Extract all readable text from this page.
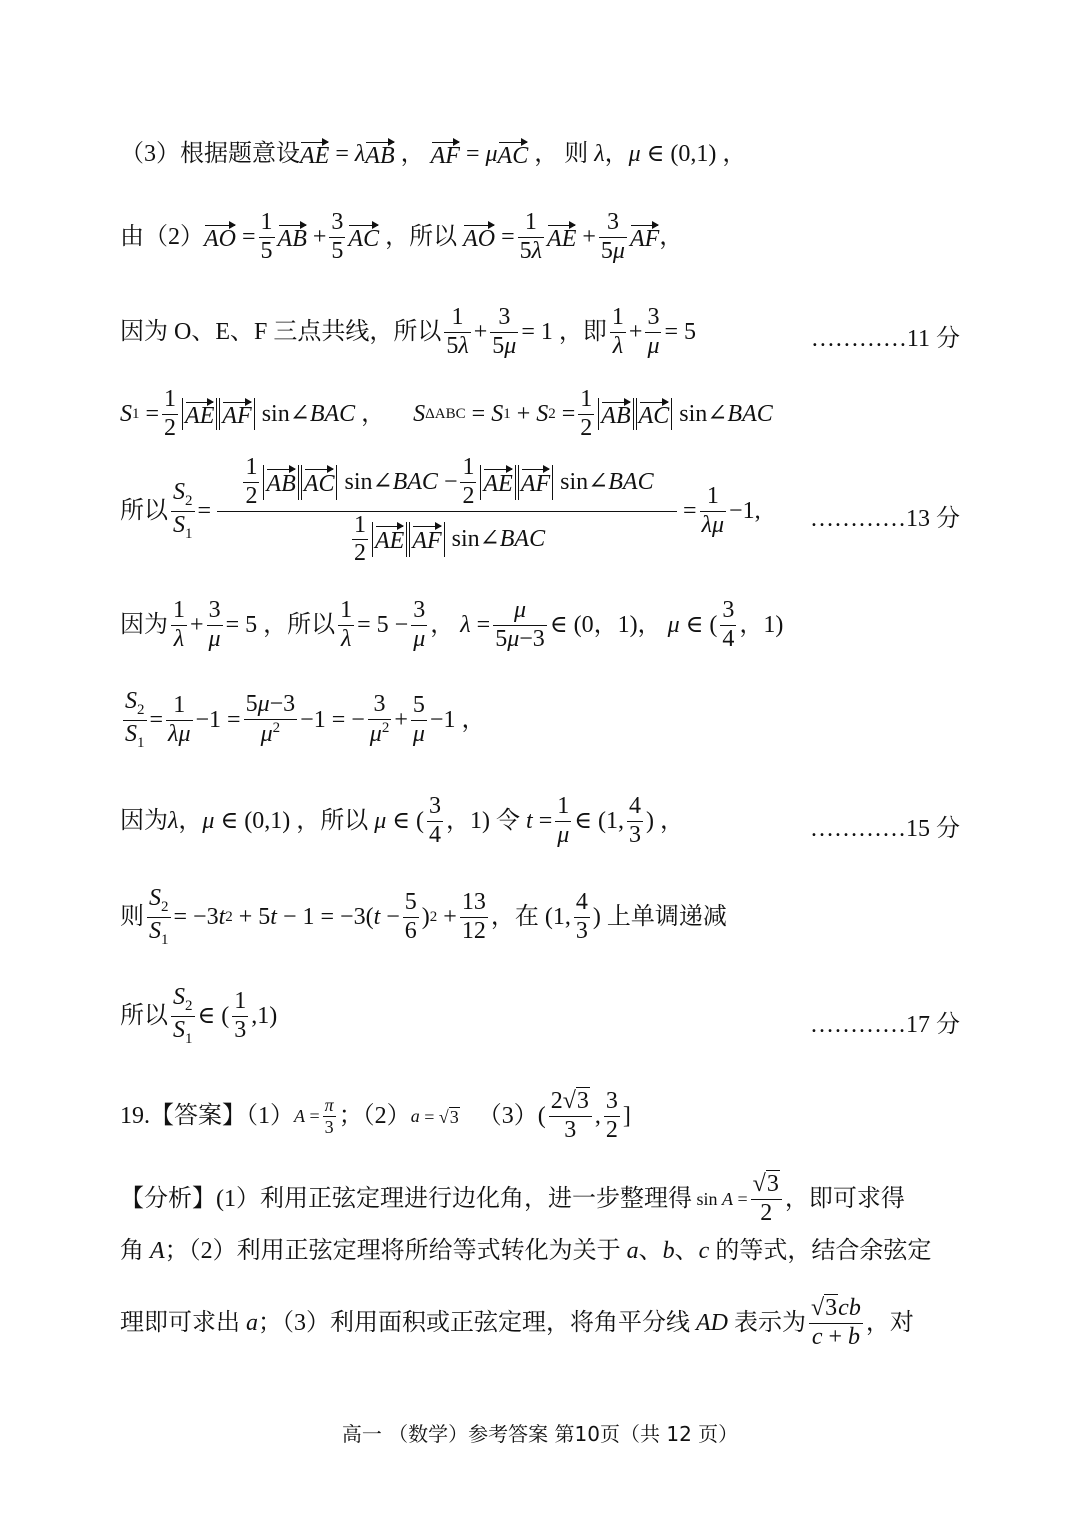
（3）根据题意设 AE = λ AB ， AF = μ AC ， 则 λ ， μ ∈ (0,1) ，
由（2） AO = $\frac{1}{5}$ AB + $\frac{3}{5}$ AC ，所以 AO = $\frac{1}{5\lambda}$ AE + $\frac{3}{5\mu}$ AF ，
因为 O、E、F 三点共线，所以 $\frac{1}{5\lambda} + \frac{3}{5\mu} = 1$ ，即 $\frac{1}{\lambda} + \frac{3}{\mu} = 5$	…………11 分
S $1 = \frac{1}{2}$ AE AF sin∠ BAC ， S ΔABC = S 1 + S $2 = \frac{1}{2}$ AB AC sin∠ BAC
所以 $\frac{S_2}{S_1} = \frac{\frac{1}{2} AB AC \sin\angle BAC - \frac{1}{2} AE AF \sin\angle BAC}{\frac{1}{2} AE AF \sin\angle BAC} = \frac{1}{\lambda\mu} -1$,	…………13 分
因为 $\frac{1}{\lambda} + \frac{3}{\mu} = 5$ ，所以 $\frac{1}{\lambda} = 5 - \frac{3}{\mu}$ ， $\lambda = \frac{\mu}{5\mu-3}$ ∈ (0，1)， μ ∈ ( $\frac{3}{4}$ ，1)
$\frac{S_2}{S_1} = \frac{1}{\lambda\mu} -1 = \frac{5\mu-3}{\mu^2} -1$ = − $\frac{3}{\mu^2} + \frac{5}{\mu} -1$ ，
因为 λ ， μ ∈ (0,1) ，所以 μ ∈ ( $\frac{3}{4}$ ，1) 令 $t = \frac{1}{\mu}$ ∈ (1, $\frac{4}{3}$ ) ，	…………15 分
则 $\frac{S_2}{S_1} = -3$ t 2 + 5 t − 1 = −3( $t - \frac{5}{6}$ ) $2 + \frac{13}{12}$ ，在 (1, $\frac{4}{3}$ ) 上单调递减
所以 $\frac{S_2}{S_1}$ ∈ ( $\frac{1}{3} ,1$)	…………17 分
19.【答案】（1） $A = \frac{\pi}{3}$ ；（2） a = √3 （3） ( $\frac{2√3}{3}$ , $\frac{3}{2}$ ]
【分析】(1）利用正弦定理进行边化角，进一步整理得 $\sin A = \frac{√3}{2}$ ，即可求得
角 A；（2）利用正弦定理将所给等式转化为关于 a、b、c 的等式，结合余弦定
理即可求出 a；（3）利用面积或正弦定理，将角平分线 AD 表示为 $\frac{√3cb}{c + b}$ ，对
高一 （数学）参考答案 第10页（共 12 页）
